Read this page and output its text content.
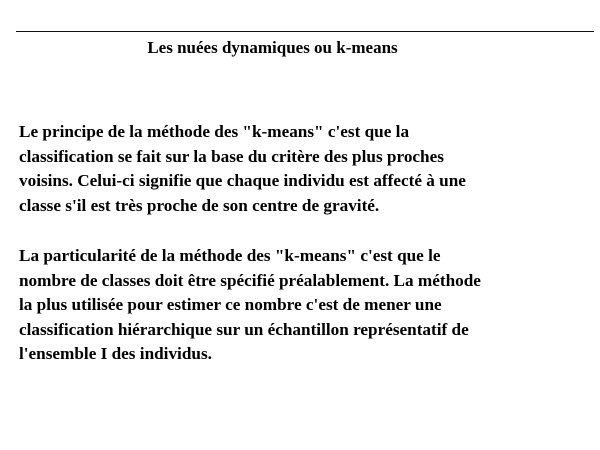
Les nuées dynamiques ou k-means

Le principe de la méthode des "k-means" c'est que la
classification se fait sur la base du critère des plus proches
voisins. Celui-ci signifie que chaque individu est affecté à une
classe s'il est très proche de son centre de gravité.

La particularité de la méthode des "k-means" c'est que le
nombre de classes doit être spécifié préalablement. La méthode
la plus utilisée pour estimer ce nombre c'est de mener une
classification hiérarchique sur un échantillon représentatif de
l'ensemble I des individus.
